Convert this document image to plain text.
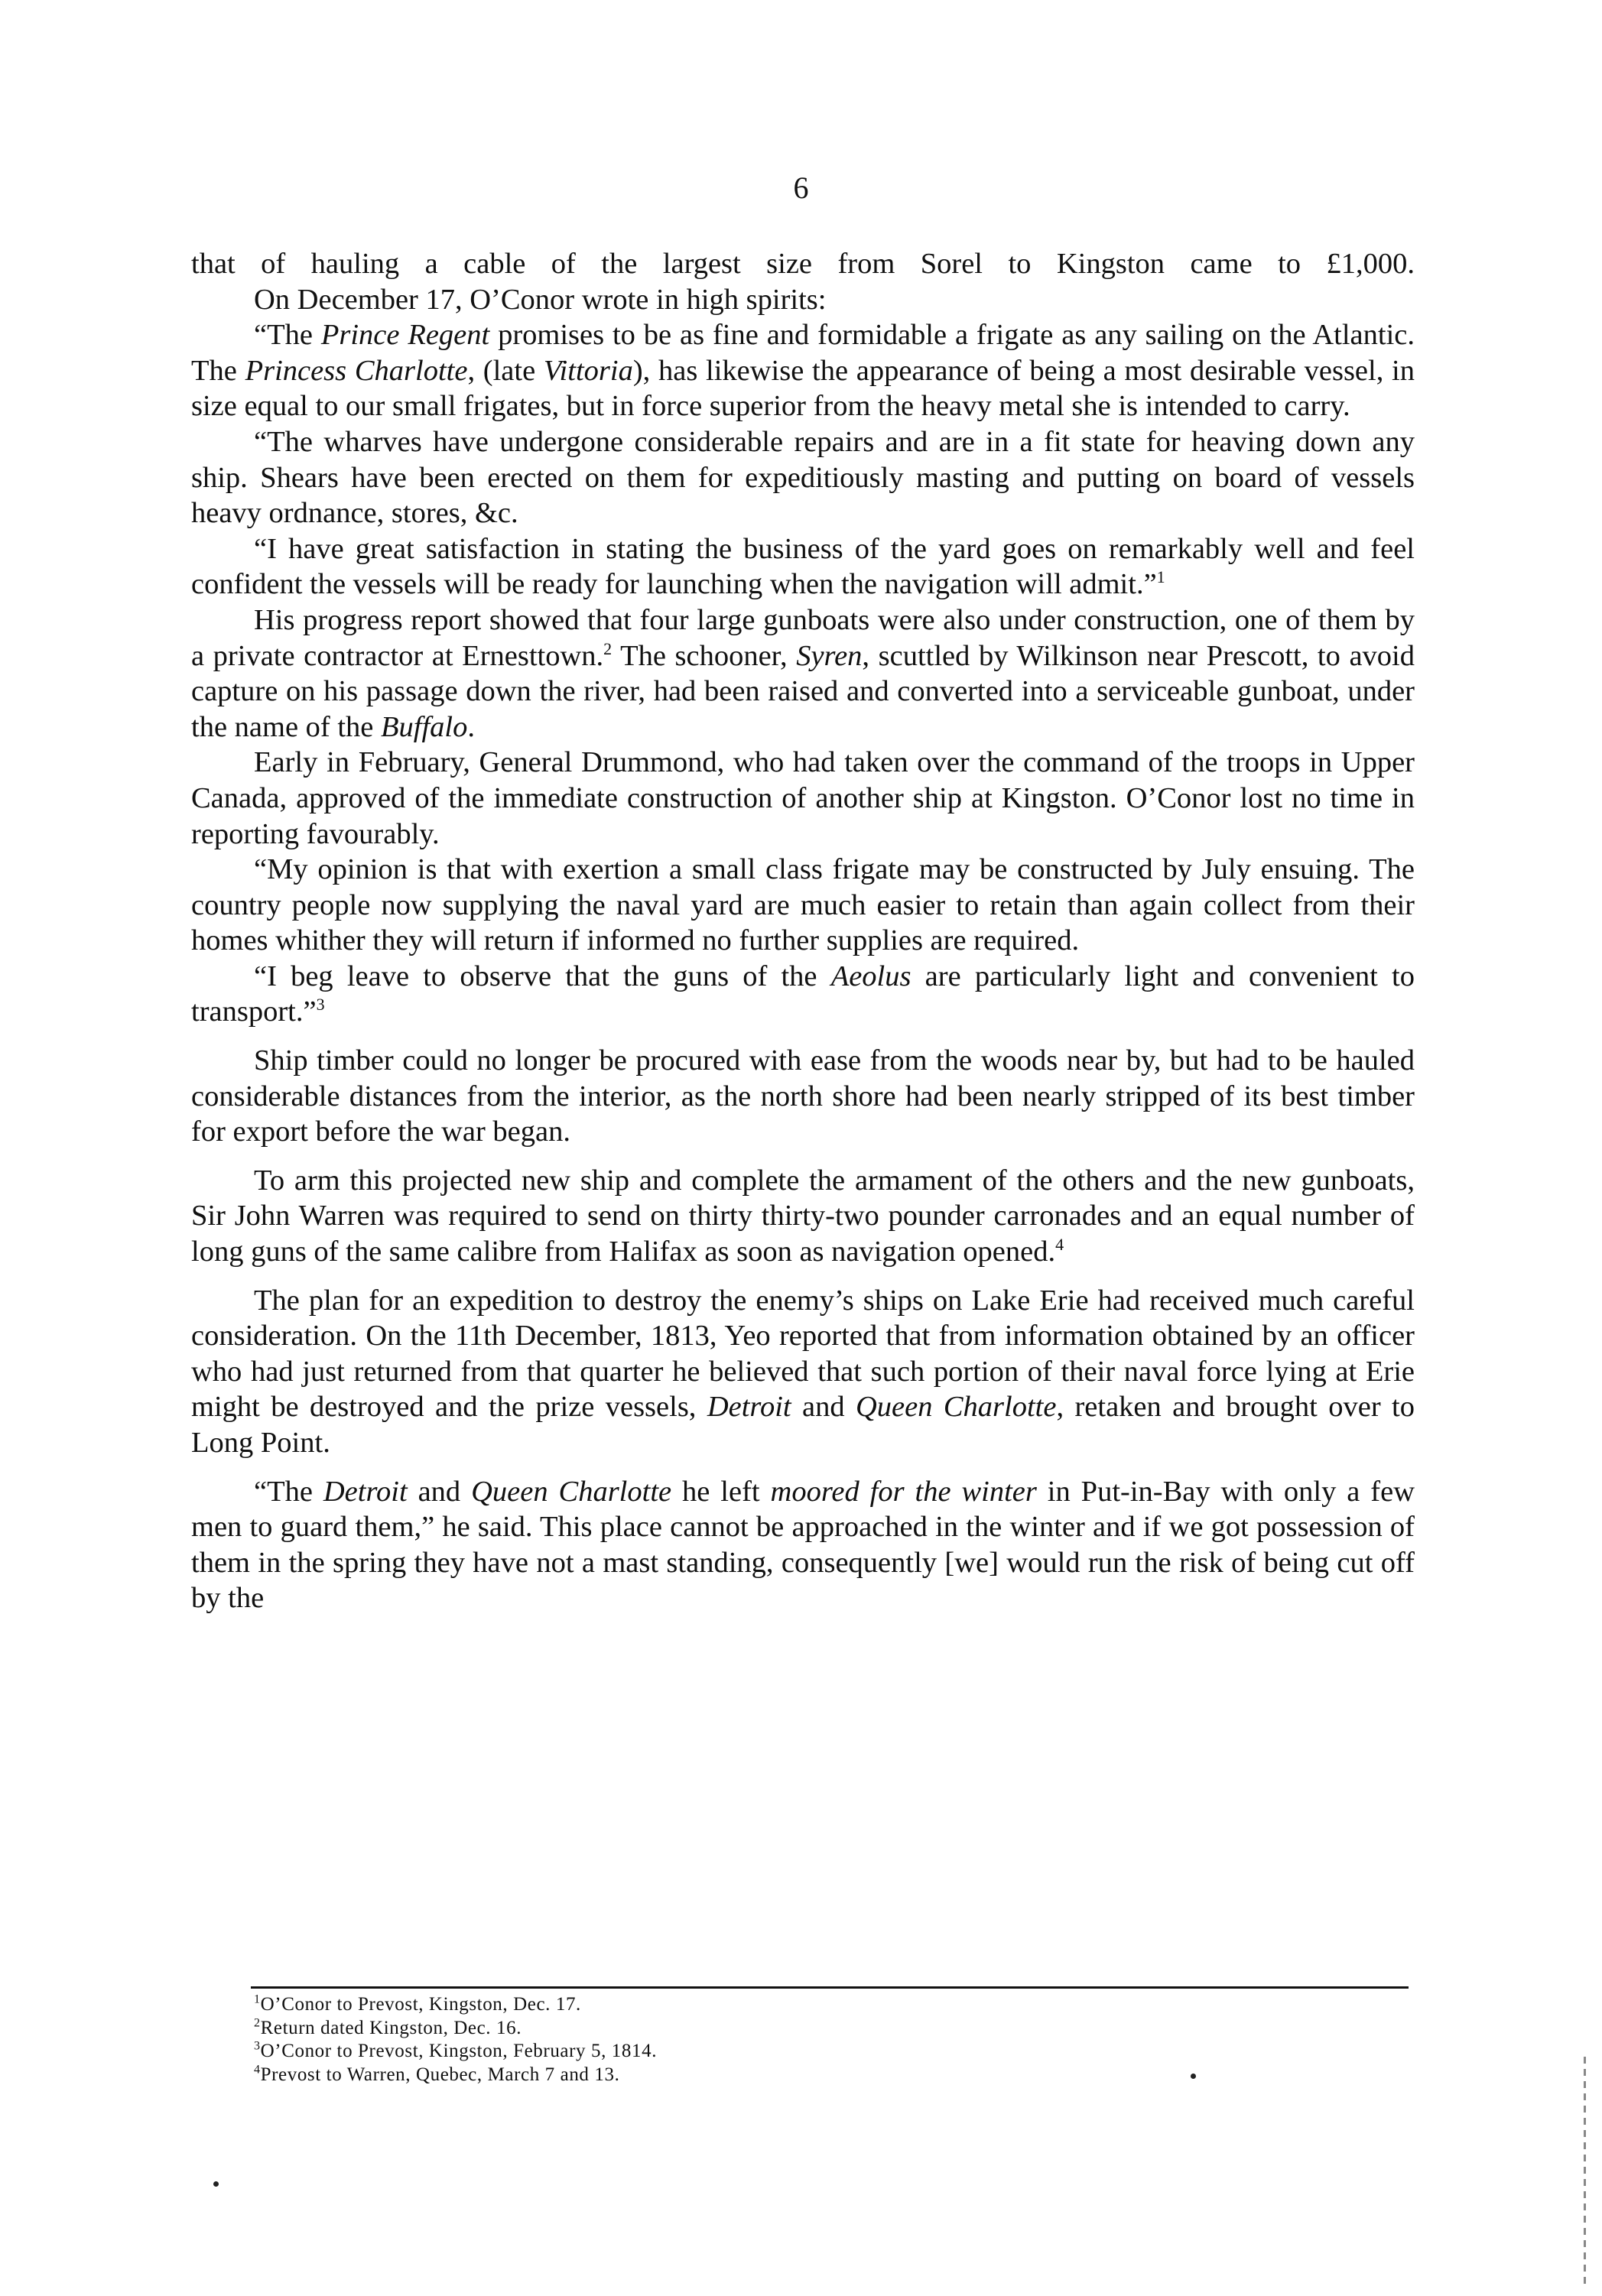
6

that of hauling a cable of the largest size from Sorel to Kingston came to £1,000.

On December 17, O’Conor wrote in high spirits:

“The Prince Regent promises to be as fine and formidable a frigate as any sailing on the Atlantic. The Princess Charlotte, (late Vittoria), has likewise the appearance of being a most desirable vessel, in size equal to our small frigates, but in force superior from the heavy metal she is intended to carry.

“The wharves have undergone considerable repairs and are in a fit state for heaving down any ship. Shears have been erected on them for expeditiously masting and putting on board of vessels heavy ordnance, stores, &c.

“I have great satisfaction in stating the business of the yard goes on remarkably well and feel confident the vessels will be ready for launching when the navigation will admit.”$^1$

His progress report showed that four large gunboats were also under construction, one of them by a private contractor at Ernesttown.$^2$ The schooner, Syren, scuttled by Wilkinson near Prescott, to avoid capture on his passage down the river, had been raised and converted into a serviceable gunboat, under the name of the Buffalo.

Early in February, General Drummond, who had taken over the command of the troops in Upper Canada, approved of the immediate construction of another ship at Kingston. O’Conor lost no time in reporting favourably.

“My opinion is that with exertion a small class frigate may be constructed by July ensuing. The country people now supplying the naval yard are much easier to retain than again collect from their homes whither they will return if informed no further supplies are required.

“I beg leave to observe that the guns of the Aeolus are particularly light and convenient to transport.”$^3$

Ship timber could no longer be procured with ease from the woods near by, but had to be hauled considerable distances from the interior, as the north shore had been nearly stripped of its best timber for export before the war began.

To arm this projected new ship and complete the armament of the others and the new gunboats, Sir John Warren was required to send on thirty thirty-two pounder carronades and an equal number of long guns of the same calibre from Halifax as soon as navigation opened.$^4$

The plan for an expedition to destroy the enemy’s ships on Lake Erie had received much careful consideration. On the 11th December, 1813, Yeo reported that from information obtained by an officer who had just returned from that quarter he believed that such portion of their naval force lying at Erie might be destroyed and the prize vessels, Detroit and Queen Charlotte, retaken and brought over to Long Point.

“The Detroit and Queen Charlotte he left moored for the winter in Put-in-Bay with only a few men to guard them,” he said. This place cannot be approached in the winter and if we got possession of them in the spring they have not a mast standing, consequently [we] would run the risk of being cut off by the

$^1$O’Conor to Prevost, Kingston, Dec. 17.

$^2$Return dated Kingston, Dec. 16.

$^3$O’Conor to Prevost, Kingston, February 5, 1814.

$^4$Prevost to Warren, Quebec, March 7 and 13.
